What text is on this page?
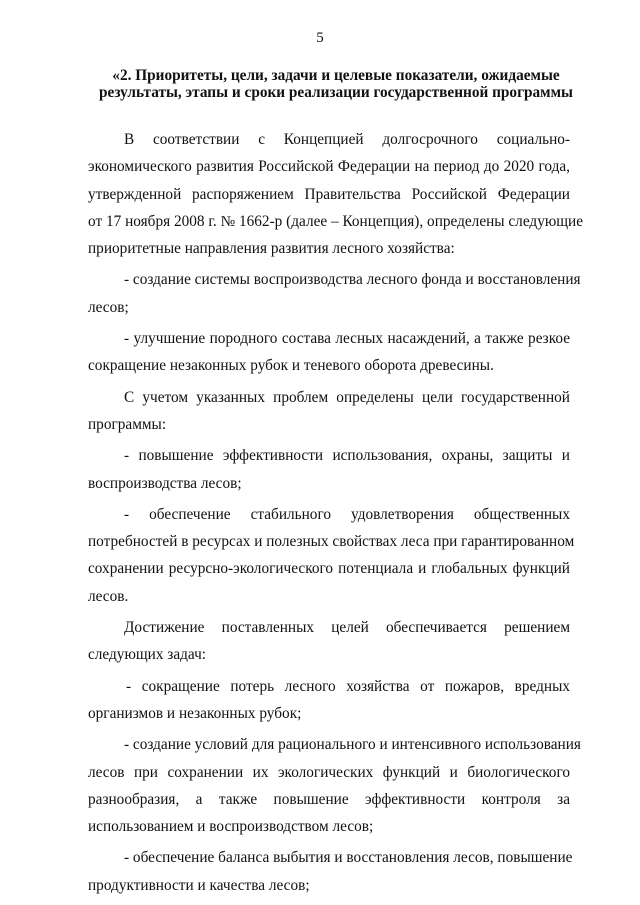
5
«2. Приоритеты, цели, задачи и целевые показатели, ожидаемые
результаты, этапы и сроки реализации государственной программы
В соответствии с Концепцией долгосрочного социально-
экономического развития Российской Федерации на период до 2020 года,
утвержденной распоряжением Правительства Российской Федерации
от 17 ноября 2008 г. № 1662-р (далее – Концепция), определены следующие
приоритетные направления развития лесного хозяйства:
- создание системы воспроизводства лесного фонда и восстановления
лесов;
- улучшение породного состава лесных насаждений, а также резкое
сокращение незаконных рубок и теневого оборота древесины.
С учетом указанных проблем определены цели государственной
программы:
- повышение эффективности использования, охраны, защиты и
воспроизводства лесов;
- обеспечение стабильного удовлетворения общественных
потребностей в ресурсах и полезных свойствах леса при гарантированном
сохранении ресурсно-экологического потенциала и глобальных функций
лесов.
Достижение поставленных целей обеспечивается решением
следующих задач:
- сокращение потерь лесного хозяйства от пожаров, вредных
организмов и незаконных рубок;
- создание условий для рационального и интенсивного использования
лесов при сохранении их экологических функций и биологического
разнообразия, а также повышение эффективности контроля за
использованием и воспроизводством лесов;
- обеспечение баланса выбытия и восстановления лесов, повышение
продуктивности и качества лесов;
